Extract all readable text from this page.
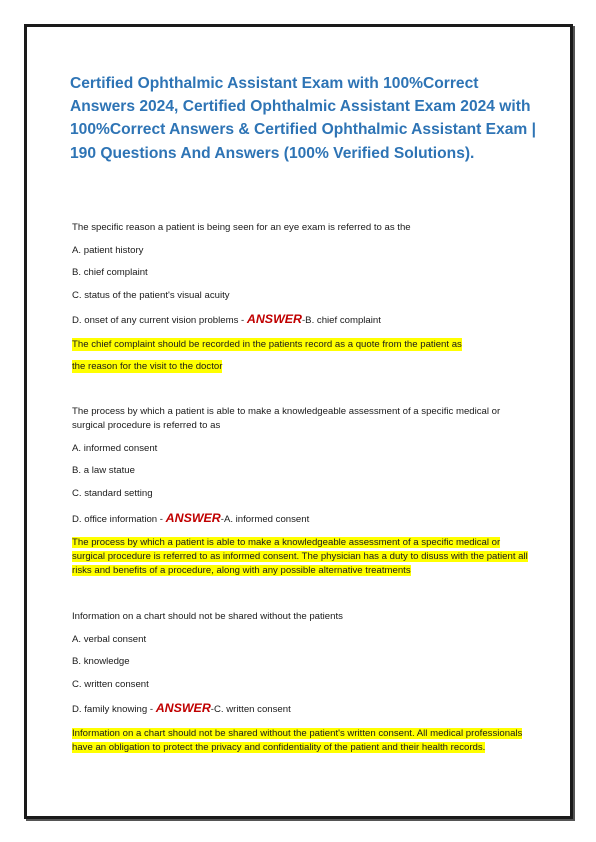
Certified Ophthalmic Assistant Exam with 100%Correct Answers 2024, Certified Ophthalmic Assistant Exam 2024 with 100%Correct Answers & Certified Ophthalmic Assistant Exam | 190 Questions And Answers (100% Verified Solutions).

The specific reason a patient is being seen for an eye exam is referred to as the

A. patient history

B. chief complaint

C. status of the patient's visual acuity

D. onset of any current vision problems - ANSWER-B. chief complaint

The chief complaint should be recorded in the patients record as a quote from the patient as

the reason for the visit to the doctor

The process by which a patient is able to make a knowledgeable assessment of a specific medical or surgical procedure is referred to as

A. informed consent

B. a law statue

C. standard setting

D. office information - ANSWER-A. informed consent

The process by which a patient is able to make a knowledgeable assessment of a specific medical or surgical procedure is referred to as informed consent. The physician has a duty to disuss with the patient all risks and benefits of a procedure, along with any possible alternative treatments

Information on a chart should not be shared without the patients

A. verbal consent

B. knowledge

C. written consent

D. family knowing - ANSWER-C. written consent

Information on a chart should not be shared without the patient's written consent. All medical professionals have an obligation to protect the privacy and confidentiality of the patient and their health records.
